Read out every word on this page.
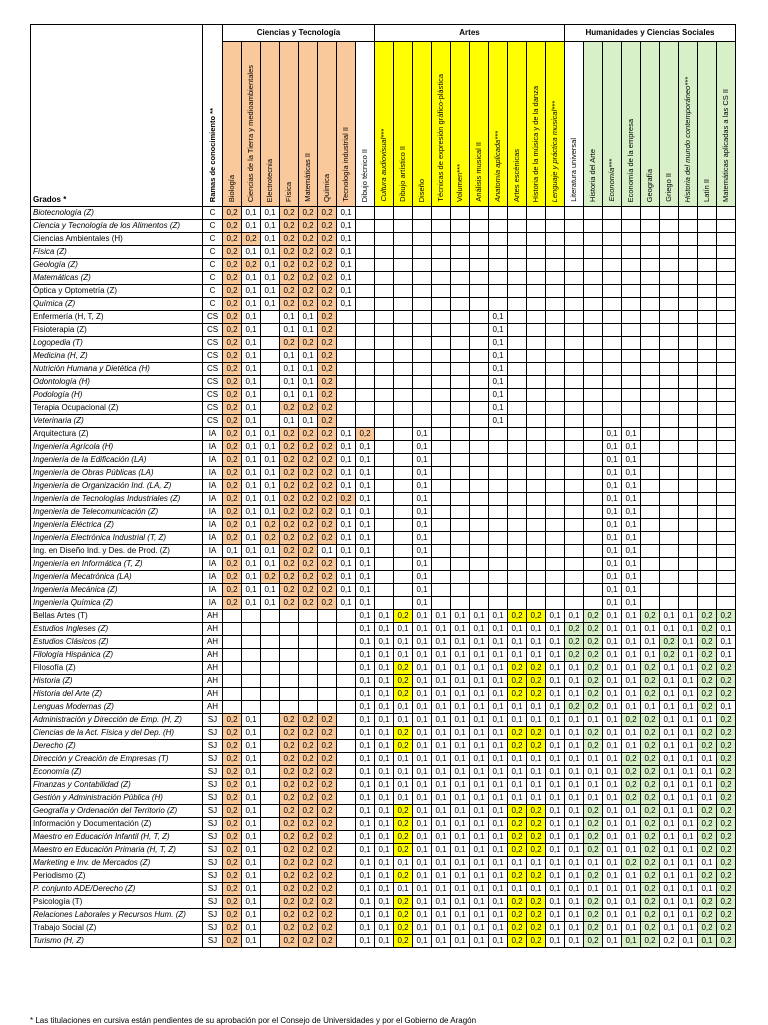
Grados *		Ciencias y Tecnología								Artes										Humanidades y Ciencias Sociales								
	Ramas de conocimiento **	Biología	Ciencias de la Tierra y medioambientales	Electrotecnia	Física	Matemáticas II	Química	Tecnología industrial II	Dibujo técnico II	Cultura audiovisual***	Dibujo artístico II	Diseño	Técnicas de expresión gráfico-plástica	Volumen***	Análisis musical II	Anatomía aplicada***	Artes escénicas	Historia de la música y de la danza	Lenguaje y práctica musical***	Literatura universal	Historia del Arte	Economía***	Economía de la empresa	Geografía	Griego II	Historia del mundo contemporáneo***	Latín II	Matemáticas aplicadas a las CS II
Biotecnología (Z)	C	0,2	0,1	0,1	0,2	0,2	0,2	0,1																				
Ciencia y Tecnología de los Alimentos (Z)	C	0,2	0,1	0,1	0,2	0,2	0,2	0,1																				
Ciencias Ambientales (H)	C	0,2	0,2	0,1	0,2	0,2	0,2	0,1																				
Física (Z)	C	0,2	0,1	0,1	0,2	0,2	0,2	0,1																				
Geología (Z)	C	0,2	0,2	0,1	0,2	0,2	0,2	0,1																				
Matemáticas (Z)	C	0,2	0,1	0,1	0,2	0,2	0,2	0,1																				
Óptica y Optometría (Z)	C	0,2	0,1	0,1	0,2	0,2	0,2	0,1																				
Química (Z)	C	0,2	0,1	0,1	0,2	0,2	0,2	0,1																				
Enfermería (H, T, Z)	CS	0,2	0,1		0,1	0,1	0,2									0,1												
Fisioterapia (Z)	CS	0,2	0,1		0,1	0,1	0,2									0,1												
Logopedia (T)	CS	0,2	0,1		0,2	0,2	0,2									0,1												
Medicina (H, Z)	CS	0,2	0,1		0,1	0,1	0,2									0,1												
Nutrición Humana y Dietética (H)	CS	0,2	0,1		0,1	0,1	0,2									0,1												
Odontología (H)	CS	0,2	0,1		0,1	0,1	0,2									0,1												
Podología (H)	CS	0,2	0,1		0,1	0,1	0,2									0,1												
Terapia Ocupacional (Z)	CS	0,2	0,1		0,2	0,2	0,2									0,1												
Veterinaria (Z)	CS	0,2	0,1		0,1	0,1	0,2									0,1												
Arquitectura (Z)	IA	0,2	0,1	0,1	0,2	0,2	0,2	0,1	0,2			0,1										0,1	0,1					
Ingeniería Agrícola (H)	IA	0,2	0,1	0,1	0,2	0,2	0,2	0,1	0,1			0,1										0,1	0,1					
Ingeniería de la Edificación (LA)	IA	0,2	0,1	0,1	0,2	0,2	0,2	0,1	0,1			0,1										0,1	0,1					
Ingeniería de Obras Públicas (LA)	IA	0,2	0,1	0,1	0,2	0,2	0,2	0,1	0,1			0,1										0,1	0,1					
Ingeniería de Organización Ind. (LA, Z)	IA	0,2	0,1	0,1	0,2	0,2	0,2	0,1	0,1			0,1										0,1	0,1					
Ingeniería de Tecnologías Industriales (Z)	IA	0,2	0,1	0,1	0,2	0,2	0,2	0,2	0,1			0,1										0,1	0,1					
Ingeniería de Telecomunicación (Z)	IA	0,2	0,1	0,1	0,2	0,2	0,2	0,1	0,1			0,1										0,1	0,1					
Ingeniería Eléctrica (Z)	IA	0,2	0,1	0,2	0,2	0,2	0,2	0,1	0,1			0,1										0,1	0,1					
Ingeniería Electrónica Industrial (T, Z)	IA	0,2	0,1	0,2	0,2	0,2	0,2	0,1	0,1			0,1										0,1	0,1					
Ing. en Diseño Ind. y Des. de Prod. (Z)	IA	0,1	0,1	0,1	0,2	0,2	0,1	0,1	0,1			0,1										0,1	0,1					
Ingeniería en Informática (T, Z)	IA	0,2	0,1	0,1	0,2	0,2	0,2	0,1	0,1			0,1										0,1	0,1					
Ingeniería Mecatrónica (LA)	IA	0,2	0,1	0,2	0,2	0,2	0,2	0,1	0,1			0,1										0,1	0,1					
Ingeniería Mecánica (Z)	IA	0,2	0,1	0,1	0,2	0,2	0,2	0,1	0,1			0,1										0,1	0,1					
Ingeniería Química (Z)	IA	0,2	0,1	0,1	0,2	0,2	0,2	0,1	0,1			0,1										0,1	0,1					
Bellas Artes (T)	AH								0,1	0,1	0,2	0,1	0,1	0,1	0,1	0,1	0,2	0,2	0,1	0,1	0,2	0,1	0,1	0,2	0,1	0,1	0,2	0,2
Estudios Ingleses (Z)	AH								0,1	0,1	0,1	0,1	0,1	0,1	0,1	0,1	0,1	0,1	0,1	0,2	0,2	0,1	0,1	0,1	0,1	0,1	0,2	0,1
Estudios Clásicos (Z)	AH								0,1	0,1	0,1	0,1	0,1	0,1	0,1	0,1	0,1	0,1	0,1	0,2	0,2	0,1	0,1	0,1	0,2	0,1	0,2	0,1
Filología Hispánica (Z)	AH								0,1	0,1	0,1	0,1	0,1	0,1	0,1	0,1	0,1	0,1	0,1	0,2	0,2	0,1	0,1	0,1	0,2	0,1	0,2	0,1
Filosofía (Z)	AH								0,1	0,1	0,2	0,1	0,1	0,1	0,1	0,1	0,2	0,2	0,1	0,1	0,2	0,1	0,1	0,2	0,1	0,1	0,2	0,2
Historia (Z)	AH								0,1	0,1	0,2	0,1	0,1	0,1	0,1	0,1	0,2	0,2	0,1	0,1	0,2	0,1	0,1	0,2	0,1	0,1	0,2	0,2
Historia del Arte (Z)	AH								0,1	0,1	0,2	0,1	0,1	0,1	0,1	0,1	0,2	0,2	0,1	0,1	0,2	0,1	0,1	0,2	0,1	0,1	0,2	0,2
Lenguas Modernas (Z)	AH								0,1	0,1	0,1	0,1	0,1	0,1	0,1	0,1	0,1	0,1	0,1	0,2	0,2	0,1	0,1	0,1	0,1	0,1	0,2	0,1
Administración y Dirección de Emp. (H, Z)	SJ	0,2	0,1		0,2	0,2	0,2		0,1	0,1	0,1	0,1	0,1	0,1	0,1	0,1	0,1	0,1	0,1	0,1	0,1	0,1	0,2	0,2	0,1	0,1	0,1	0,2
Ciencias de la Act. Física y del Dep. (H)	SJ	0,2	0,1		0,2	0,2	0,2		0,1	0,1	0,2	0,1	0,1	0,1	0,1	0,1	0,2	0,2	0,1	0,1	0,2	0,1	0,1	0,2	0,1	0,1	0,2	0,2
Derecho (Z)	SJ	0,2	0,1		0,2	0,2	0,2		0,1	0,1	0,2	0,1	0,1	0,1	0,1	0,1	0,2	0,2	0,1	0,1	0,2	0,1	0,1	0,2	0,1	0,1	0,2	0,2
Dirección y Creación de Empresas (T)	SJ	0,2	0,1		0,2	0,2	0,2		0,1	0,1	0,1	0,1	0,1	0,1	0,1	0,1	0,1	0,1	0,1	0,1	0,1	0,1	0,2	0,2	0,1	0,1	0,1	0,2
Economía (Z)	SJ	0,2	0,1		0,2	0,2	0,2		0,1	0,1	0,1	0,1	0,1	0,1	0,1	0,1	0,1	0,1	0,1	0,1	0,1	0,1	0,2	0,2	0,1	0,1	0,1	0,2
Finanzas y Contabilidad (Z)	SJ	0,2	0,1		0,2	0,2	0,2		0,1	0,1	0,1	0,1	0,1	0,1	0,1	0,1	0,1	0,1	0,1	0,1	0,1	0,1	0,2	0,2	0,1	0,1	0,1	0,2
Gestión y Administración Pública (H)	SJ	0,2	0,1		0,2	0,2	0,2		0,1	0,1	0,1	0,1	0,1	0,1	0,1	0,1	0,1	0,1	0,1	0,1	0,1	0,1	0,2	0,2	0,1	0,1	0,1	0,2
Geografía y Ordenación del Territorio (Z)	SJ	0,2	0,1		0,2	0,2	0,2		0,1	0,1	0,2	0,1	0,1	0,1	0,1	0,1	0,2	0,2	0,1	0,1	0,2	0,1	0,1	0,2	0,1	0,1	0,2	0,2
Información y Documentación (Z)	SJ	0,2	0,1		0,2	0,2	0,2		0,1	0,1	0,2	0,1	0,1	0,1	0,1	0,1	0,2	0,2	0,1	0,1	0,2	0,1	0,1	0,2	0,1	0,1	0,2	0,2
Maestro en Educación Infantil (H, T, Z)	SJ	0,2	0,1		0,2	0,2	0,2		0,1	0,1	0,2	0,1	0,1	0,1	0,1	0,1	0,2	0,2	0,1	0,1	0,2	0,1	0,1	0,2	0,1	0,1	0,2	0,2
Maestro en Educación Primaria (H, T, Z)	SJ	0,2	0,1		0,2	0,2	0,2		0,1	0,1	0,2	0,1	0,1	0,1	0,1	0,1	0,2	0,2	0,1	0,1	0,2	0,1	0,1	0,2	0,1	0,1	0,2	0,2
Marketing e Inv. de Mercados (Z)	SJ	0,2	0,1		0,2	0,2	0,2		0,1	0,1	0,1	0,1	0,1	0,1	0,1	0,1	0,1	0,1	0,1	0,1	0,1	0,1	0,2	0,2	0,1	0,1	0,1	0,2
Periodismo (Z)	SJ	0,2	0,1		0,2	0,2	0,2		0,1	0,1	0,2	0,1	0,1	0,1	0,1	0,1	0,2	0,2	0,1	0,1	0,2	0,1	0,1	0,2	0,1	0,1	0,2	0,2
P. conjunto ADE/Derecho (Z)	SJ	0,2	0,1		0,2	0,2	0,2		0,1	0,1	0,1	0,1	0,1	0,1	0,1	0,1	0,1	0,1	0,1	0,1	0,1	0,1	0,1	0,2	0,1	0,1	0,1	0,2
Psicología (T)	SJ	0,2	0,1		0,2	0,2	0,2		0,1	0,1	0,2	0,1	0,1	0,1	0,1	0,1	0,2	0,2	0,1	0,1	0,2	0,1	0,1	0,2	0,1	0,1	0,2	0,2
Relaciones Laborales y Recursos Hum. (Z)	SJ	0,2	0,1		0,2	0,2	0,2		0,1	0,1	0,2	0,1	0,1	0,1	0,1	0,1	0,2	0,2	0,1	0,1	0,2	0,1	0,1	0,2	0,1	0,1	0,2	0,2
Trabajo Social (Z)	SJ	0,2	0,1		0,2	0,2	0,2		0,1	0,1	0,2	0,1	0,1	0,1	0,1	0,1	0,2	0,2	0,1	0,1	0,2	0,1	0,1	0,2	0,1	0,1	0,2	0,2
Turismo (H, Z)	SJ	0,2	0,1		0,2	0,2	0,2		0,1	0,1	0,2	0,1	0,1	0,1	0,1	0,1	0,2	0,2	0,1	0,1	0,2	0,1	0,1	0,2	0,2	0,1	0,1	0,2
* Las titulaciones en cursiva están pendientes de su aprobación por el Consejo de Universidades y por el Gobierno de Aragón
